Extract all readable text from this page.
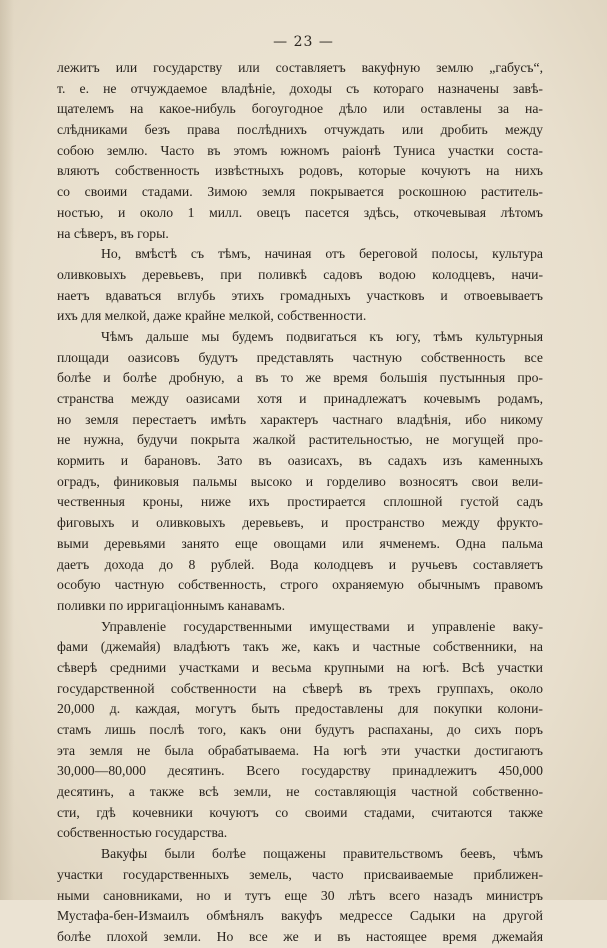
— 23 —
лежитъ или государству или составляетъ вакуфную землю „габусъ“,
т. е. не отчуждаемое владѣніе, доходы съ котораго назначены завѣ-
щателемъ на какое-нибуль богоугодное дѣло или оставлены за на-
слѣдниками безъ права послѣднихъ отчуждать или дробить между
собою землю. Часто въ этомъ южномъ раіонѣ Туниса участки соста-
вляютъ собственность извѣстныхъ родовъ, которые кочуютъ на нихъ
со своими стадами. Зимою земля покрывается роскошною раститель-
ностью, и около 1 милл. овецъ пасется здѣсь, откочевывая лѣтомъ
на сѣверъ, въ горы.
Но, вмѣстѣ съ тѣмъ, начиная отъ береговой полосы, культура
оливковыхъ деревьевъ, при поливкѣ садовъ водою колодцевъ, начи-
наетъ вдаваться вглубь этихъ громадныхъ участковъ и отвоевываетъ
ихъ для мелкой, даже крайне мелкой, собственности.
Чѣмъ дальше мы будемъ подвигаться къ югу, тѣмъ культурныя
площади оазисовъ будутъ представлять частную собственность все
болѣе и болѣе дробную, а въ то же время большія пустынныя про-
странства между оазисами хотя и принадлежатъ кочевымъ родамъ,
но земля перестаетъ имѣть характеръ частнаго владѣнія, ибо никому
не нужна, будучи покрыта жалкой растительностью, не могущей про-
кормить и барановъ. Зато въ оазисахъ, въ садахъ изъ каменныхъ
оградъ, финиковыя пальмы высоко и горделиво возносятъ свои вели-
чественныя кроны, ниже ихъ простирается сплошной густой садъ
фиговыхъ и оливковыхъ деревьевъ, и пространство между фрукто-
выми деревьями занято еще овощами или ячменемъ. Одна пальма
даетъ дохода до 8 рублей. Вода колодцевъ и ручьевъ составляетъ
особую частную собственность, строго охраняемую обычнымъ правомъ
поливки по ирригаціоннымъ канавамъ.
Управленіе государственными имуществами и управленіе ваку-
фами (джемайя) владѣютъ такъ же, какъ и частные собственники, на
сѣверѣ средними участками и весьма крупными на югѣ. Всѣ участки
государственной собственности на сѣверѣ въ трехъ группахъ, около
20,000 д. каждая, могутъ быть предоставлены для покупки колони-
стамъ лишь послѣ того, какъ они будутъ распаханы, до сихъ поръ
эта земля не была обрабатываема. На югѣ эти участки достигаютъ
30,000—80,000 десятинъ. Всего государству принадлежитъ 450,000
десятинъ, а также всѣ земли, не составляющія частной собственно-
сти, гдѣ кочевники кочуютъ со своими стадами, считаются также
собственностью государства.
Вакуфы были болѣе пощажены правительствомъ беевъ, чѣмъ
участки государственныхъ земель, часто присваиваемые приближен-
ными сановниками, но и тутъ еще 30 лѣтъ всего назадъ министръ
Мустафа-бен-Измаилъ обмѣнялъ вакуфъ медрессе Садыки на другой
болѣе плохой земли. Но все же и въ настоящее время джемайя
